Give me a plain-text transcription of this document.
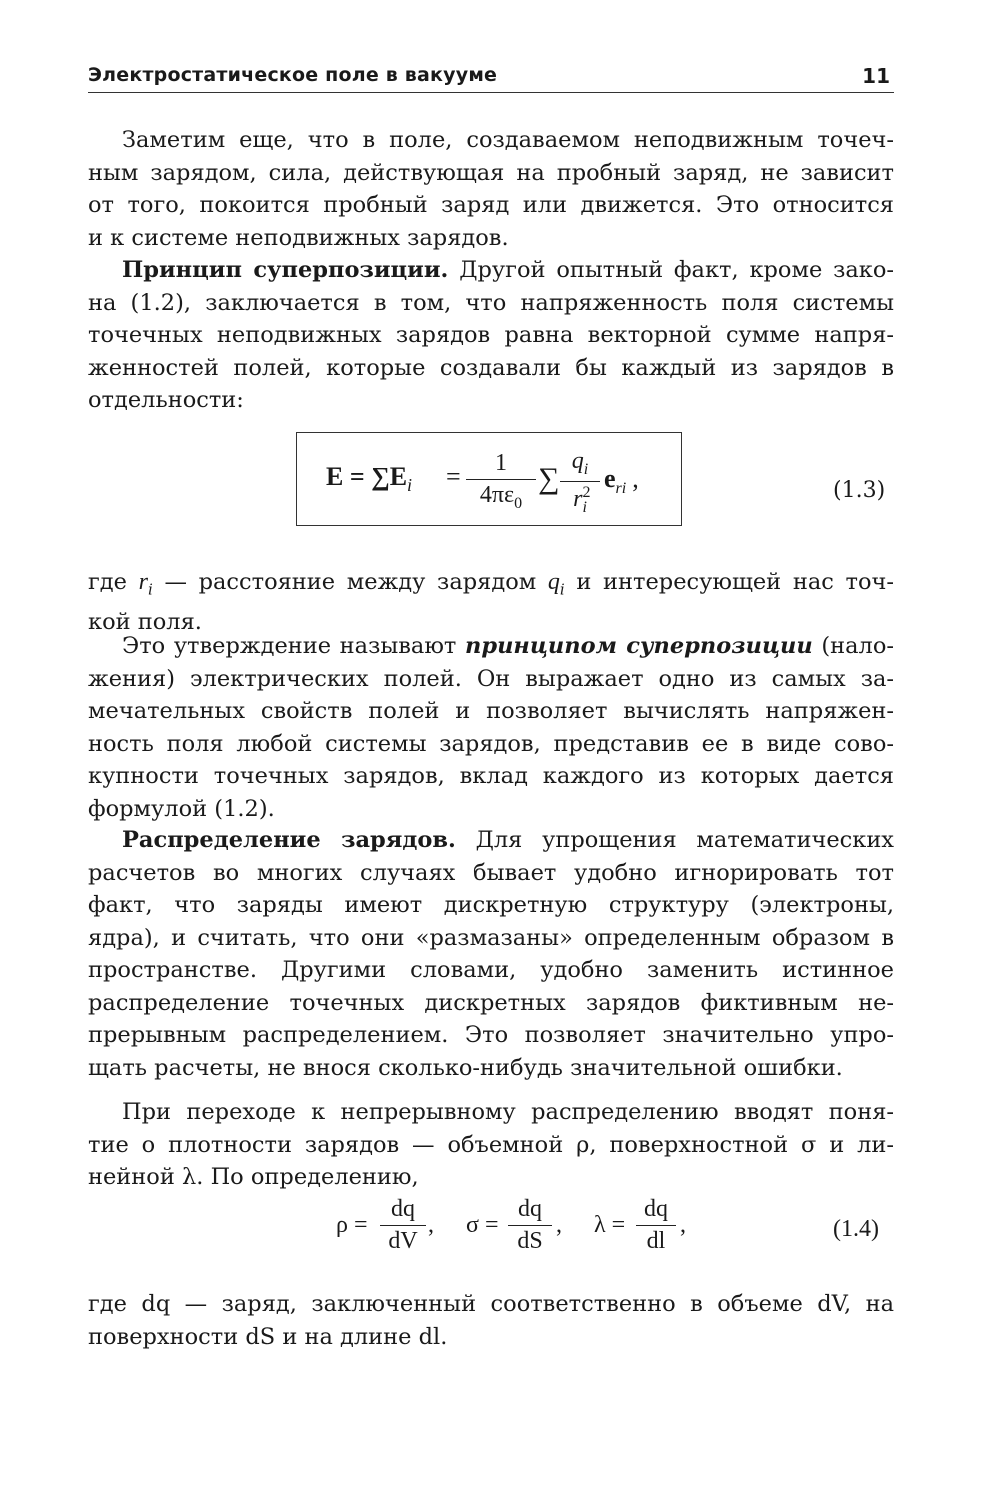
Электростатическое поле в вакууме	11
Заметим еще, что в поле, создаваемом неподвижным точеч-
ным зарядом, сила, действующая на пробный заряд, не зависит
от того, покоится пробный заряд или движется. Это относится
и к системе неподвижных зарядов.
Принцип суперпозиции. Другой опытный факт, кроме зако-
на (1.2), заключается в том, что напряженность поля системы
точечных неподвижных зарядов равна векторной сумме напря-
женностей полей, которые создавали бы каждый из зарядов в
отдельности:
$E = \sum E_i$ =	1
$4\pi\varepsilon_0$
∑
$q_i$
$r^2_i$
$e_{ri}$ ,	(1.3)
где $r_i$ — расстояние между зарядом $q_i$ и интересующей нас точ-
кой поля.
Это утверждение называют принципом суперпозиции (нало-
жения) электрических полей. Он выражает одно из самых за-
мечательных свойств полей и позволяет вычислять напряжен-
ность поля любой системы зарядов, представив ее в виде сово-
купности точечных зарядов, вклад каждого из которых дается
формулой (1.2).
Распределение зарядов. Для упрощения математических
расчетов во многих случаях бывает удобно игнорировать тот
факт, что заряды имеют дискретную структуру (электроны,
ядра), и считать, что они «размазаны» определенным образом в
пространстве. Другими словами, удобно заменить истинное
распределение точечных дискретных зарядов фиктивным не-
прерывным распределением. Это позволяет значительно упро-
щать расчеты, не внося сколько-нибудь значительной ошибки.
При переходе к непрерывному распределению вводят поня-
тие о плотности зарядов — объемной ρ, поверхностной σ и ли-
нейной λ. По определению,
ρ =
dq
dV
, σ =
dq
dS
, λ =
dq
dl
,	(1.4)
где dq — заряд, заключенный соответственно в объеме dV, на
поверхности dS и на длине dl.
